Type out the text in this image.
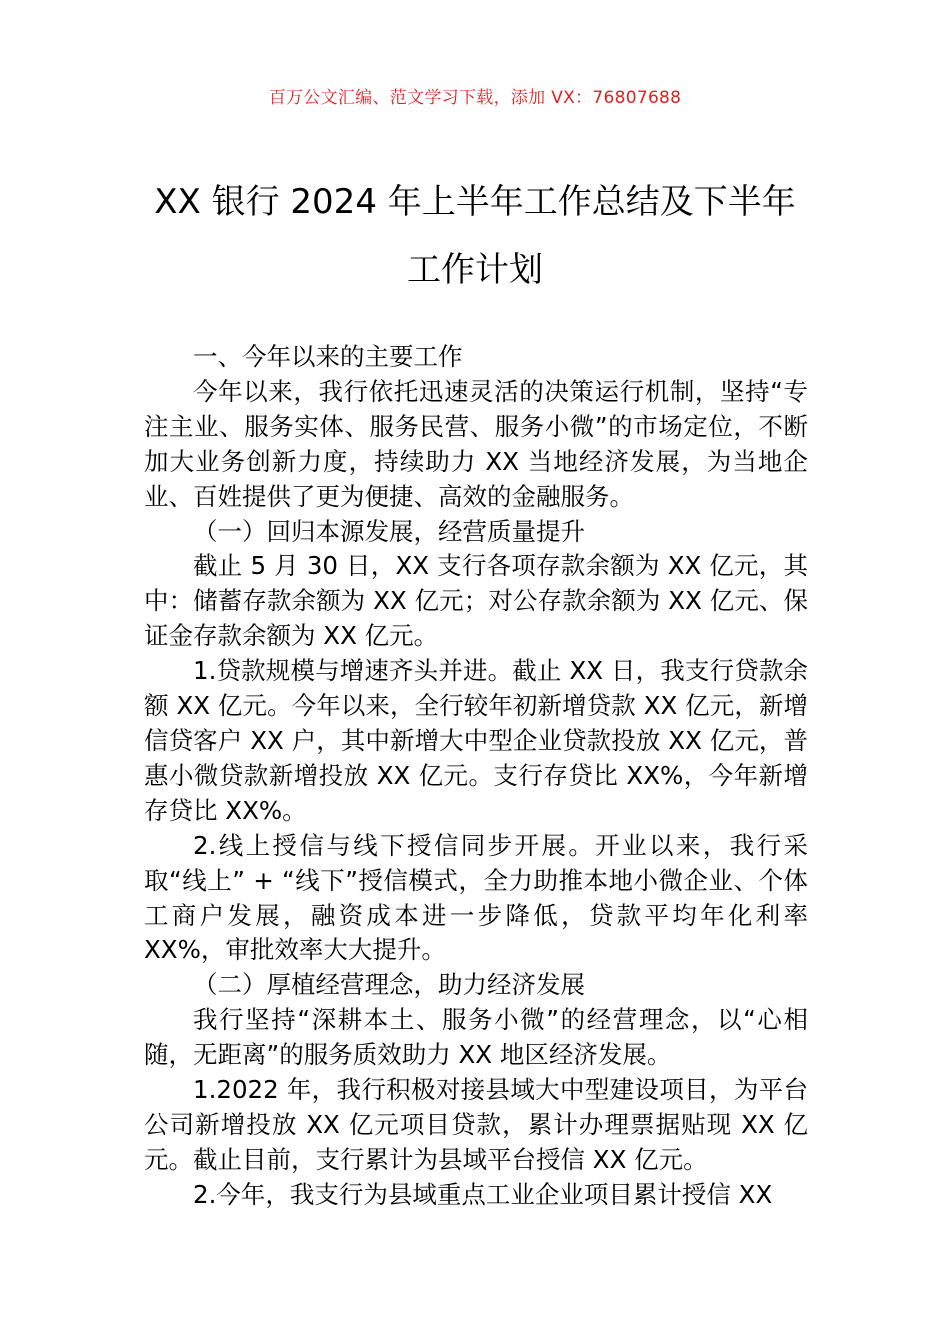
百万公文汇编、范文学习下载，添加 VX：76807688
XX 银行 2024 年上半年工作总结及下半年
工作计划

一、今年以来的主要工作

今年以来，我行依托迅速灵活的决策运行机制，坚持“专注主业、服务实体、服务民营、服务小微”的市场定位，不断加大业务创新力度，持续助力 XX 当地经济发展，为当地企业、百姓提供了更为便捷、高效的金融服务。

（一）回归本源发展，经营质量提升

截止 5 月 30 日，XX 支行各项存款余额为 XX 亿元，其中：储蓄存款余额为 XX 亿元；对公存款余额为 XX 亿元、保证金存款余额为 XX 亿元。

1.贷款规模与增速齐头并进。截止 XX 日，我支行贷款余额 XX 亿元。今年以来，全行较年初新增贷款 XX 亿元，新增信贷客户 XX 户，其中新增大中型企业贷款投放 XX 亿元，普惠小微贷款新增投放 XX 亿元。支行存贷比 XX%，今年新增存贷比 XX%。

2.线上授信与线下授信同步开展。开业以来，我行采取“线上” + “线下”授信模式，全力助推本地小微企业、个体工商户发展，融资成本进一步降低，贷款平均年化利率 XX%，审批效率大大提升。

（二）厚植经营理念，助力经济发展

我行坚持“深耕本土、服务小微”的经营理念，以“心相随，无距离”的服务质效助力 XX 地区经济发展。

1.2022 年，我行积极对接县域大中型建设项目，为平台公司新增投放 XX 亿元项目贷款，累计办理票据贴现 XX 亿元。截止目前，支行累计为县域平台授信 XX 亿元。

2.今年，我支行为县域重点工业企业项目累计授信 XX
